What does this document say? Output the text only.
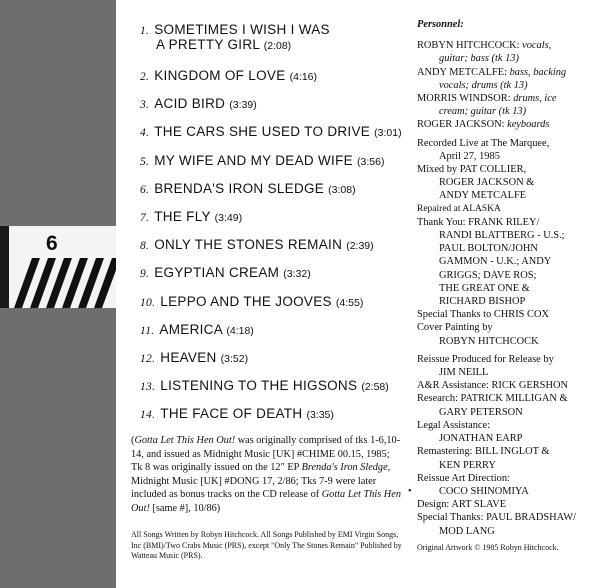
6
1. SOMETIMES I WISH I WAS
A PRETTY GIRL (2:08)
2. KINGDOM OF LOVE (4:16)
3. ACID BIRD (3:39)
4. THE CARS SHE USED TO DRIVE (3:01)
5. MY WIFE AND MY DEAD WIFE (3:56)
6. BRENDA'S IRON SLEDGE (3:08)
7. THE FLY (3:49)
8. ONLY THE STONES REMAIN (2:39)
9. EGYPTIAN CREAM (3:32)
10. LEPPO AND THE JOOVES (4:55)
11. AMERICA (4:18)
12. HEAVEN (3:52)
13. LISTENING TO THE HIGSONS (2:58)
14. THE FACE OF DEATH (3:35)
(Gotta Let This Hen Out! was originally comprised of tks 1-6,10-14, and issued as Midnight Music [UK] #CHIME 00.15, 1985; Tk 8 was originally issued on the 12" EP Brenda's Iron Sledge, Midnight Music [UK] #DONG 17, 2/86; Tks 7-9 were later included as bonus tracks on the CD release of Gotta Let This Hen Out! [same #], 10/86)
All Songs Written by Robyn Hitchcock. All Songs Published by EMI Virgin Songs, Inc (BMI)/Two Crabs Music (PRS), except "Only The Stones Remain" Published by Watteau Music (PRS).
•
Personnel:
ROBYN HITCHCOCK: vocals,
guitar; bass (tk 13)
ANDY METCALFE: bass, backing
vocals; drums (tk 13)
MORRIS WINDSOR: drums, ice
cream; guitar (tk 13)
ROGER JACKSON: keyboards
Recorded Live at The Marquee,
April 27, 1985
Mixed by PAT COLLIER,
ROGER JACKSON &
ANDY METCALFE
Repaired at ALASKA
Thank You: FRANK RILEY/
RANDI BLATTBERG - U.S.;
PAUL BOLTON/JOHN
GAMMON - U.K.; ANDY
GRIGGS; DAVE ROS;
THE GREAT ONE &
RICHARD BISHOP
Special Thanks to CHRIS COX
Cover Painting by
ROBYN HITCHCOCK
Reissue Produced for Release by
JIM NEILL
A&R Assistance: RICK GERSHON
Research: PATRICK MILLIGAN &
GARY PETERSON
Legal Assistance:
JONATHAN EARP
Remastering: BILL INGLOT &
KEN PERRY
Reissue Art Direction:
COCO SHINOMIYA
Design: ART SLAVE
Special Thanks: PAUL BRADSHAW/
MOD LANG
Original Artwork © 1985 Robyn Hitchcock.
